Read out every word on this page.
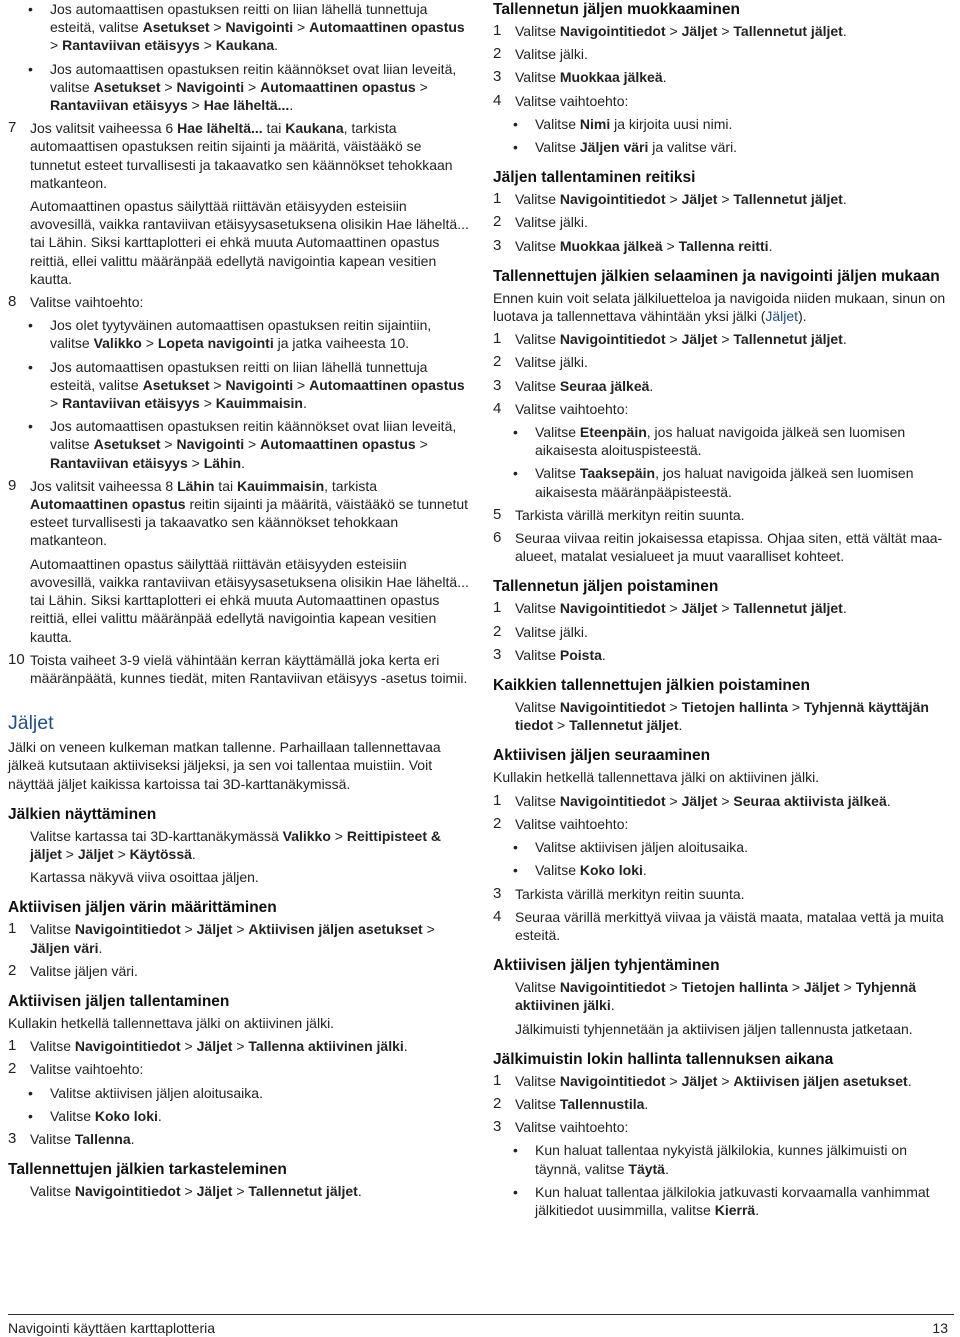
• Jos automaattisen opastuksen reitti on liian lähellä tunnettuja esteitä, valitse Asetukset > Navigointi > Automaattinen opastus > Rantaviivan etäisyys > Kaukana.
• Jos automaattisen opastuksen reitin käännökset ovat liian leveitä, valitse Asetukset > Navigointi > Automaattinen opastus > Rantaviivan etäisyys > Hae läheltä....
7 Jos valitsit vaiheessa 6 Hae läheltä... tai Kaukana, tarkista automaattisen opastuksen reitin sijainti ja määritä, väistääkö se tunnetut esteet turvallisesti ja takaavatko sen käännökset tehokkaan matkanteon.

Automaattinen opastus säilyttää riittävän etäisyyden esteisiin avovesillä, vaikka rantaviivan etäisyysasetuksena olisikin Hae läheltä... tai Lähin. Siksi karttaplotteri ei ehkä muuta Automaattinen opastus reittiä, ellei valittu määränpää edellytä navigointia kapean vesitien kautta.

8 Valitse vaihtoehto:
• Jos olet tyytyväinen automaattisen opastuksen reitin sijaintiin, valitse Valikko > Lopeta navigointi ja jatka vaiheesta 10.
• Jos automaattisen opastuksen reitti on liian lähellä tunnettuja esteitä, valitse Asetukset > Navigointi > Automaattinen opastus > Rantaviivan etäisyys > Kauimmaisin.
• Jos automaattisen opastuksen reitin käännökset ovat liian leveitä, valitse Asetukset > Navigointi > Automaattinen opastus > Rantaviivan etäisyys > Lähin.
9 Jos valitsit vaiheessa 8 Lähin tai Kauimmaisin, tarkista Automaattinen opastus reitin sijainti ja määritä, väistääkö se tunnetut esteet turvallisesti ja takaavatko sen käännökset tehokkaan matkanteon.

Automaattinen opastus säilyttää riittävän etäisyyden esteisiin avovesillä, vaikka rantaviivan etäisyysasetuksena olisikin Hae läheltä... tai Lähin. Siksi karttaplotteri ei ehkä muuta Automaattinen opastus reittiä, ellei valittu määränpää edellytä navigointia kapean vesitien kautta.

10 Toista vaiheet 3-9 vielä vähintään kerran käyttämällä joka kerta eri määränpäätä, kunnes tiedät, miten Rantaviivan etäisyys -asetus toimii.
Jäljet

Jälki on veneen kulkeman matkan tallenne. Parhaillaan tallennettavaa jälkeä kutsutaan aktiiviseksi jäljeksi, ja sen voi tallentaa muistiin. Voit näyttää jäljet kaikissa kartoissa tai 3D-karttanäkymissä.

Jälkien näyttäminen

Valitse kartassa tai 3D-karttanäkymässä Valikko > Reittipisteet & jäljet > Jäljet > Käytössä.

Kartassa näkyvä viiva osoittaa jäljen.

Aktiivisen jäljen värin määrittäminen
1 Valitse Navigointitiedot > Jäljet > Aktiivisen jäljen asetukset > Jäljen väri.
2 Valitse jäljen väri.
Aktiivisen jäljen tallentaminen

Kullakin hetkellä tallennettava jälki on aktiivinen jälki.

1 Valitse Navigointitiedot > Jäljet > Tallenna aktiivinen jälki.
2 Valitse vaihtoehto:
• Valitse aktiivisen jäljen aloitusaika.
• Valitse Koko loki.
3 Valitse Tallenna.
Tallennettujen jälkien tarkasteleminen

Valitse Navigointitiedot > Jäljet > Tallennetut jäljet.

Tallennetun jäljen muokkaaminen
1 Valitse Navigointitiedot > Jäljet > Tallennetut jäljet.
2 Valitse jälki.
3 Valitse Muokkaa jälkeä.
4 Valitse vaihtoehto:
• Valitse Nimi ja kirjoita uusi nimi.
• Valitse Jäljen väri ja valitse väri.
Jäljen tallentaminen reitiksi
1 Valitse Navigointitiedot > Jäljet > Tallennetut jäljet.
2 Valitse jälki.
3 Valitse Muokkaa jälkeä > Tallenna reitti.
Tallennettujen jälkien selaaminen ja navigointi jäljen mukaan

Ennen kuin voit selata jälkiluetteloa ja navigoida niiden mukaan, sinun on luotava ja tallennettava vähintään yksi jälki (Jäljet).

1 Valitse Navigointitiedot > Jäljet > Tallennetut jäljet.
2 Valitse jälki.
3 Valitse Seuraa jälkeä.
4 Valitse vaihtoehto:
• Valitse Eteenpäin, jos haluat navigoida jälkeä sen luomisen aikaisesta aloituspisteestä.
• Valitse Taaksepäin, jos haluat navigoida jälkeä sen luomisen aikaisesta määränpääpisteestä.
5 Tarkista värillä merkityn reitin suunta.
6 Seuraa viivaa reitin jokaisessa etapissa. Ohjaa siten, että vältät maa-alueet, matalat vesialueet ja muut vaaralliset kohteet.
Tallennetun jäljen poistaminen
1 Valitse Navigointitiedot > Jäljet > Tallennetut jäljet.
2 Valitse jälki.
3 Valitse Poista.
Kaikkien tallennettujen jälkien poistaminen

Valitse Navigointitiedot > Tietojen hallinta > Tyhjennä käyttäjän tiedot > Tallennetut jäljet.

Aktiivisen jäljen seuraaminen

Kullakin hetkellä tallennettava jälki on aktiivinen jälki.

1 Valitse Navigointitiedot > Jäljet > Seuraa aktiivista jälkeä.
2 Valitse vaihtoehto:
• Valitse aktiivisen jäljen aloitusaika.
• Valitse Koko loki.
3 Tarkista värillä merkityn reitin suunta.
4 Seuraa värillä merkittyä viivaa ja väistä maata, matalaa vettä ja muita esteitä.
Aktiivisen jäljen tyhjentäminen

Valitse Navigointitiedot > Tietojen hallinta > Jäljet > Tyhjennä aktiivinen jälki.

Jälkimuisti tyhjennetään ja aktiivisen jäljen tallennusta jatketaan.

Jälkimuistin lokin hallinta tallennuksen aikana
1 Valitse Navigointitiedot > Jäljet > Aktiivisen jäljen asetukset.
2 Valitse Tallennustila.
3 Valitse vaihtoehto:
• Kun haluat tallentaa nykyistä jälkilokia, kunnes jälkimuisti on täynnä, valitse Täytä.
• Kun haluat tallentaa jälkilokia jatkuvasti korvaamalla vanhimmat jälkitiedot uusimmilla, valitse Kierrä.
Navigointi käyttäen karttaplotteria	13
